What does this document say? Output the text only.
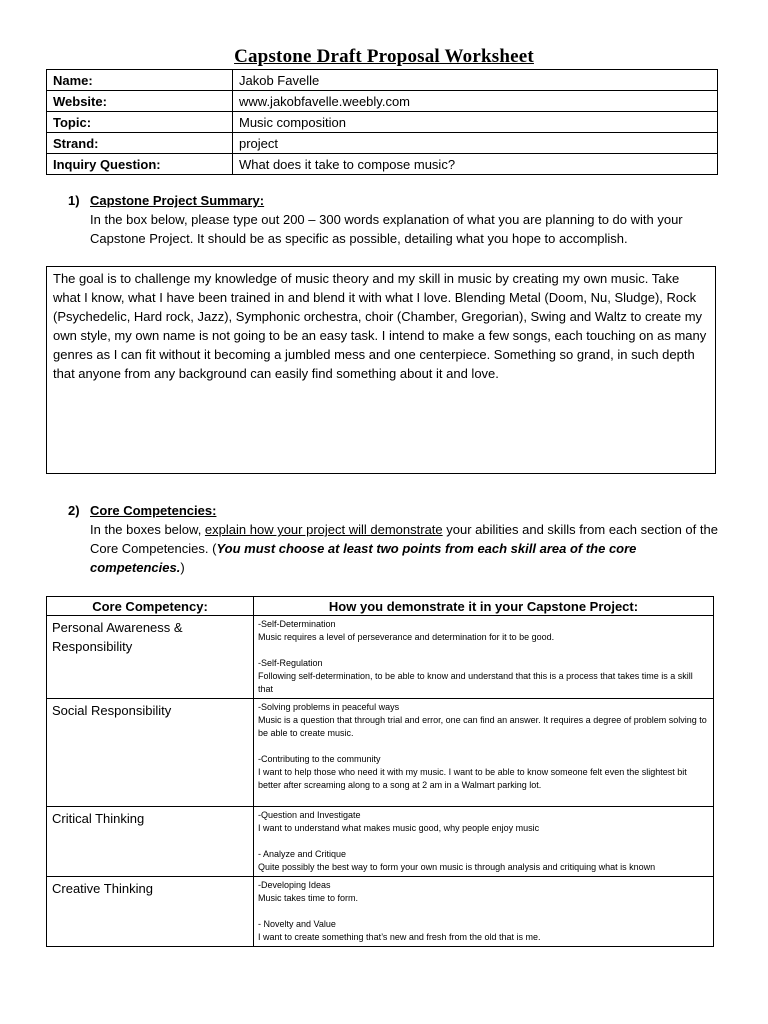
Capstone Draft Proposal Worksheet
Name:	Jakob Favelle
Website:	www.jakobfavelle.weebly.com
Topic:	Music composition
Strand:	project
Inquiry Question:	What does it take to compose music?
1) Capstone Project Summary:
In the box below, please type out 200 – 300 words explanation of what you are planning to do with your Capstone Project. It should be as specific as possible, detailing what you hope to accomplish.
The goal is to challenge my knowledge of music theory and my skill in music by creating my own music. Take what I know, what I have been trained in and blend it with what I love. Blending Metal (Doom, Nu, Sludge), Rock (Psychedelic, Hard rock, Jazz), Symphonic orchestra, choir (Chamber, Gregorian), Swing and Waltz to create my own style, my own name is not going to be an easy task. I intend to make a few songs, each touching on as many genres as I can fit without it becoming a jumbled mess and one centerpiece. Something so grand, in such depth that anyone from any background can easily find something about it and love.
2) Core Competencies:
In the boxes below, explain how your project will demonstrate your abilities and skills from each section of the Core Competencies. (You must choose at least two points from each skill area of the core competencies.)
Core Competency:	How you demonstrate it in your Capstone Project:
Personal Awareness & Responsibility	-Self-Determination

Music requires a level of perseverance and determination for it to be good.

-Self-Regulation

Following self-determination, to be able to know and understand that this is a process that takes time is a skill that

Social Responsibility	-Solving problems in peaceful ways

Music is a question that through trial and error, one can find an answer. It requires a degree of problem solving to be able to create music.

-Contributing to the community

I want to help those who need it with my music. I want to be able to know someone felt even the slightest bit better after screaming along to a song at 2 am in a Walmart parking lot.

Critical Thinking	-Question and Investigate

I want to understand what makes music good, why people enjoy music

- Analyze and Critique

Quite possibly the best way to form your own music is through analysis and critiquing what is known

Creative Thinking	-Developing Ideas

Music takes time to form.

- Novelty and Value

I want to create something that’s new and fresh from the old that is me.
